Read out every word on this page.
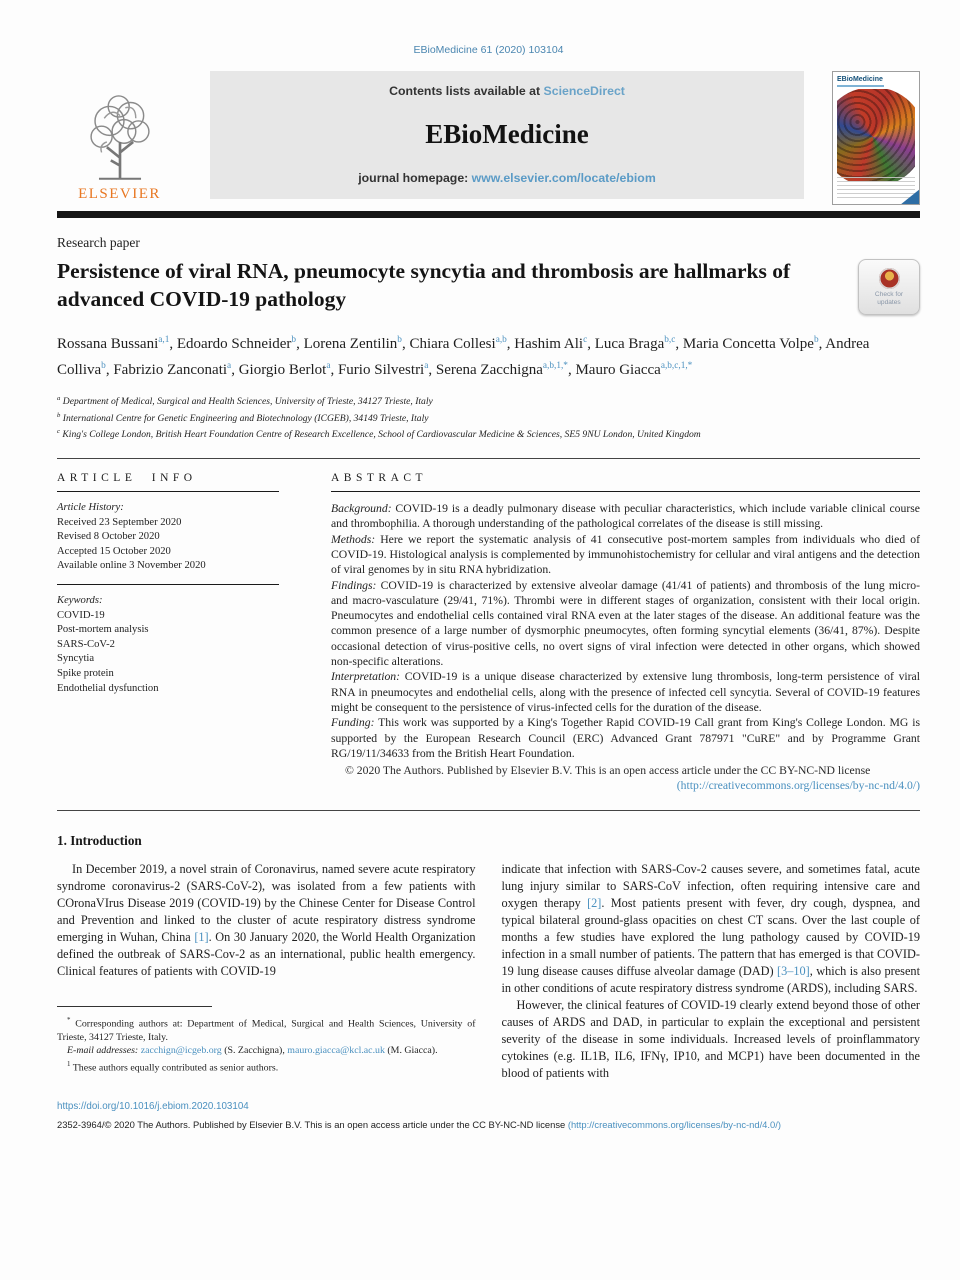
EBioMedicine 61 (2020) 103104
ELSEVIER
Contents lists available at ScienceDirect
EBioMedicine
journal homepage: www.elsevier.com/locate/ebiom
EBioMedicine
Research paper
Persistence of viral RNA, pneumocyte syncytia and thrombosis are hallmarks of advanced COVID-19 pathology	Check for updates
Rossana Bussani$^{a,1}$ , Edoardo Schneider$^b$ , Lorena Zentilin$^b$ , Chiara Collesi$^{a,b}$ , Hashim Ali$^c$ , Luca Braga$^{b,c}$ , Maria Concetta Volpe$^b$ , Andrea Colliva$^b$ , Fabrizio Zanconati$^a$ , Giorgio Berlot$^a$ , Furio Silvestri$^a$ , Serena Zacchigna$^{a,b,1,*}$ , Mauro Giacca$^{a,b,c,1,*}$
$^a$ Department of Medical, Surgical and Health Sciences, University of Trieste, 34127 Trieste, Italy
$^b$ International Centre for Genetic Engineering and Biotechnology (ICGEB), 34149 Trieste, Italy
$^c$ King's College London, British Heart Foundation Centre of Research Excellence, School of Cardiovascular Medicine & Sciences, SE5 9NU London, United Kingdom
ARTICLE INFO
Article History:
Received 23 September 2020
Revised 8 October 2020
Accepted 15 October 2020
Available online 3 November 2020
Keywords:
COVID-19
Post-mortem analysis
SARS-CoV-2
Syncytia
Spike protein
Endothelial dysfunction
ABSTRACT

Background: COVID-19 is a deadly pulmonary disease with peculiar characteristics, which include variable clinical course and thrombophilia. A thorough understanding of the pathological correlates of the disease is still missing.

Methods: Here we report the systematic analysis of 41 consecutive post-mortem samples from individuals who died of COVID-19. Histological analysis is complemented by immunohistochemistry for cellular and viral antigens and the detection of viral genomes by in situ RNA hybridization.

Findings: COVID-19 is characterized by extensive alveolar damage (41/41 of patients) and thrombosis of the lung micro- and macro-vasculature (29/41, 71%). Thrombi were in different stages of organization, consistent with their local origin. Pneumocytes and endothelial cells contained viral RNA even at the later stages of the disease. An additional feature was the common presence of a large number of dysmorphic pneumocytes, often forming syncytial elements (36/41, 87%). Despite occasional detection of virus-positive cells, no overt signs of viral infection were detected in other organs, which showed non-specific alterations.

Interpretation: COVID-19 is a unique disease characterized by extensive lung thrombosis, long-term persistence of viral RNA in pneumocytes and endothelial cells, along with the presence of infected cell syncytia. Several of COVID-19 features might be consequent to the persistence of virus-infected cells for the duration of the disease.

Funding: This work was supported by a King's Together Rapid COVID-19 Call grant from King's College London. MG is supported by the European Research Council (ERC) Advanced Grant 787971 "CuRE" and by Programme Grant RG/19/11/34633 from the British Heart Foundation.

© 2020 The Authors. Published by Elsevier B.V. This is an open access article under the CC BY-NC-ND license
(http://creativecommons.org/licenses/by-nc-nd/4.0/)
1. Introduction

In December 2019, a novel strain of Coronavirus, named severe acute respiratory syndrome coronavirus-2 (SARS-CoV-2), was isolated from a few patients with COronaVIrus Disease 2019 (COVID-19) by the Chinese Center for Disease Control and Prevention and linked to the cluster of acute respiratory distress syndrome emerging in Wuhan, China [1]. On 30 January 2020, the World Health Organization defined the outbreak of SARS-Cov-2 as an international, public health emergency. Clinical features of patients with COVID-19

* Corresponding authors at: Department of Medical, Surgical and Health Sciences, University of Trieste, 34127 Trieste, Italy.
E-mail addresses: zacchign@icgeb.org (S. Zacchigna), mauro.giacca@kcl.ac.uk (M. Giacca).
$^1$ These authors equally contributed as senior authors.

indicate that infection with SARS-Cov-2 causes severe, and sometimes fatal, acute lung injury similar to SARS-CoV infection, often requiring intensive care and oxygen therapy [2]. Most patients present with fever, dry cough, dyspnea, and typical bilateral ground-glass opacities on chest CT scans. Over the last couple of months a few studies have explored the lung pathology caused by COVID-19 infection in a small number of patients. The pattern that has emerged is that COVID-19 lung disease causes diffuse alveolar damage (DAD) [3–10], which is also present in other conditions of acute respiratory distress syndrome (ARDS), including SARS.

However, the clinical features of COVID-19 clearly extend beyond those of other causes of ARDS and DAD, in particular to explain the exceptional and persistent severity of the disease in some individuals. Increased levels of proinflammatory cytokines (e.g. IL1B, IL6, IFNγ, IP10, and MCP1) have been documented in the blood of patients with

https://doi.org/10.1016/j.ebiom.2020.103104
2352-3964/© 2020 The Authors. Published by Elsevier B.V. This is an open access article under the CC BY-NC-ND license (http://creativecommons.org/licenses/by-nc-nd/4.0/)
